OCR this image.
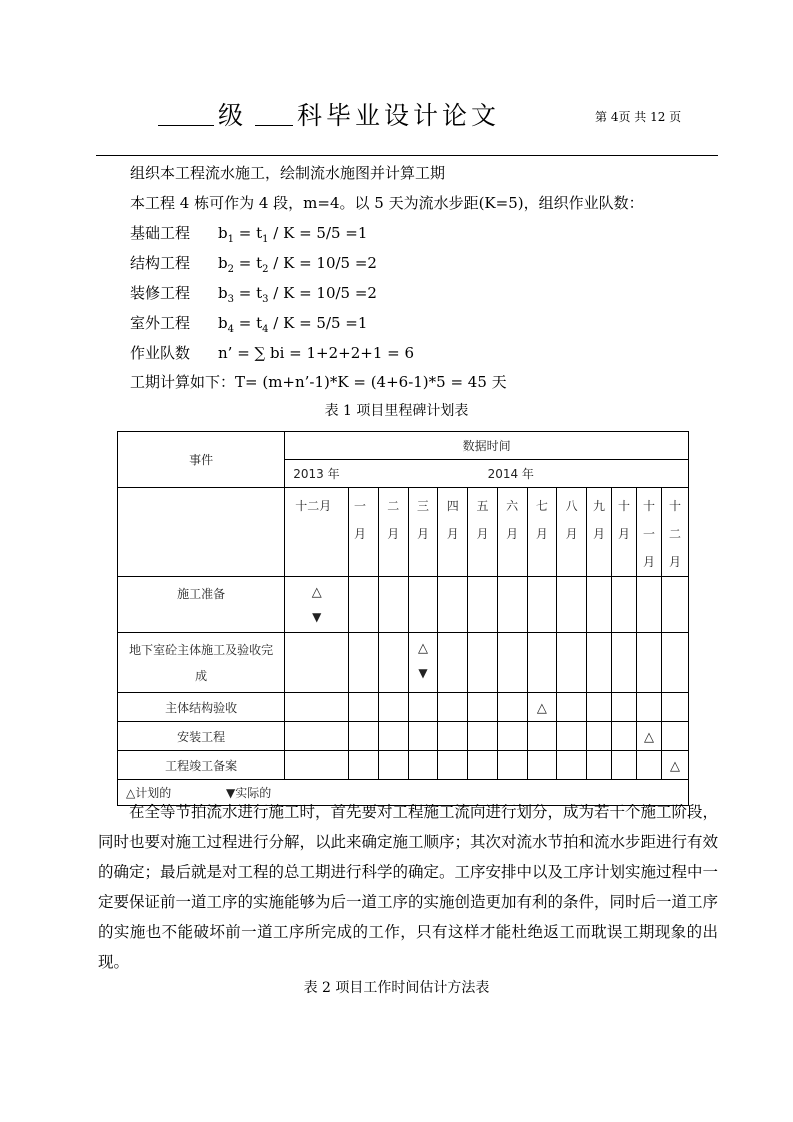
级 科毕业设计论文	第 4页 共 12 页
组织本工程流水施工，绘制流水施图并计算工期
本工程 4 栋可作为 4 段，m=4。以 5 天为流水步距(K=5)，组织作业队数：
基础工程 $b_1 = t_1 / K = 5/5 =1$
结构工程 $b_2 = t_2 / K = 10/5 =2$
装修工程 $b_3 = t_3 / K = 10/5 =2$
室外工程 $b_4 = t_4 / K = 5/5 =1$
作业队数 n’ = ∑ bi = 1+2+2+1 = 6
工期计算如下：T= (m+n’-1)*K = (4+6-1)*5 = 45 天
表 1 项目里程碑计划表
事件	数据时间												
	2013 年 2014 年												
	十二月	一月	二月	三月	四月	五月	六月	七月	八月	九月	十月	十一月	十二月
施工准备	△
▼												

地下室砼主体施工及验收完成				△
▼									

主体结构验收								△					

安装工程												△	

工程竣工备案													△

△计划的 ▼实际的													
在全等节拍流水进行施工时，首先要对工程施工流向进行划分，成为若干个施工阶段，同时也要对施工过程进行分解，以此来确定施工顺序；其次对流水节拍和流水步距进行有效的确定；最后就是对工程的总工期进行科学的确定。工序安排中以及工序计划实施过程中一定要保证前一道工序的实施能够为后一道工序的实施创造更加有利的条件，同时后一道工序的实施也不能破坏前一道工序所完成的工作，只有这样才能杜绝返工而耽误工期现象的出现。
表 2 项目工作时间估计方法表
